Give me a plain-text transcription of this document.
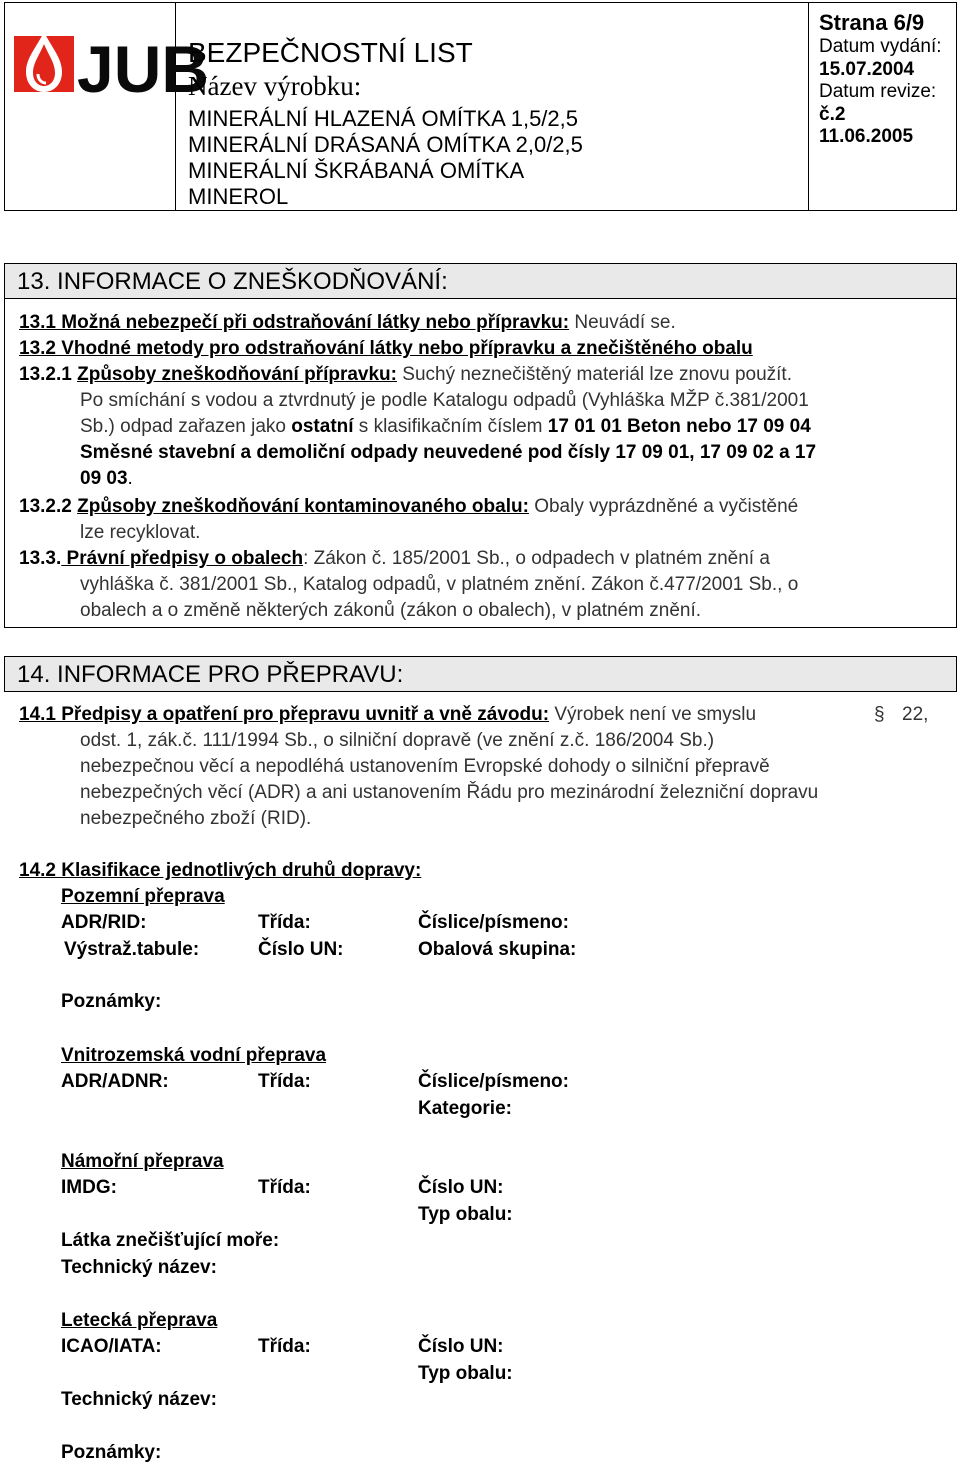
JUB
BEZPEČNOSTNÍ LIST
Název výrobku:
MINERÁLNÍ HLAZENÁ OMÍTKA 1,5/2,5
MINERÁLNÍ DRÁSANÁ OMÍTKA 2,0/2,5
MINERÁLNÍ ŠKRÁBANÁ OMÍTKA
MINEROL
Strana 6/9
Datum vydání:
15.07.2004
Datum revize:
č.2
11.06.2005
13. INFORMACE O ZNEŠKODŇOVÁNÍ:
13.1 Možná nebezpečí při odstraňování látky nebo přípravku: Neuvádí se.
13.2 Vhodné metody pro odstraňování látky nebo přípravku a znečištěného obalu
13.2.1 Způsoby zneškodňování přípravku: Suchý neznečištěný materiál lze znovu použít.
Po smíchání s vodou a ztvrdnutý je podle Katalogu odpadů (Vyhláška MŽP č.381/2001
Sb.) odpad zařazen jako ostatní s klasifikačním číslem 17 01 01 Beton nebo 17 09 04
Směsné stavební a demoliční odpady neuvedené pod čísly 17 09 01, 17 09 02 a 17
09 03.
13.2.2 Způsoby zneškodňování kontaminovaného obalu: Obaly vyprázdněné a vyčistěné
lze recyklovat.
13.3. Právní předpisy o obalech: Zákon č. 185/2001 Sb., o odpadech v platném znění a
vyhláška č. 381/2001 Sb., Katalog odpadů, v platném znění. Zákon č.477/2001 Sb., o
obalech a o změně některých zákonů (zákon o obalech), v platném znění.
14. INFORMACE PRO PŘEPRAVU:
14.1 Předpisy a opatření pro přepravu uvnitř a vně závodu: Výrobek není ve smyslu	§ 22,
odst. 1, zák.č. 111/1994 Sb., o silniční dopravě (ve znění z.č. 186/2004 Sb.)
nebezpečnou věcí a nepodléhá ustanovením Evropské dohody o silniční přepravě
nebezpečných věcí (ADR) a ani ustanovením Řádu pro mezinárodní železniční dopravu
nebezpečného zboží (RID).
14.2 Klasifikace jednotlivých druhů dopravy:
Pozemní přeprava
ADR/RID:	Třída:	Číslice/písmeno:
Výstraž.tabule:	Číslo UN:	Obalová skupina:
Poznámky:
Vnitrozemská vodní přeprava
ADR/ADNR:	Třída:	Číslice/písmeno:
Kategorie:
Námořní přeprava
IMDG:	Třída:	Číslo UN:
Typ obalu:
Látka znečišťující moře:
Technický název:
Letecká přeprava
ICAO/IATA:	Třída:	Číslo UN:
Typ obalu:
Technický název:
Poznámky:
